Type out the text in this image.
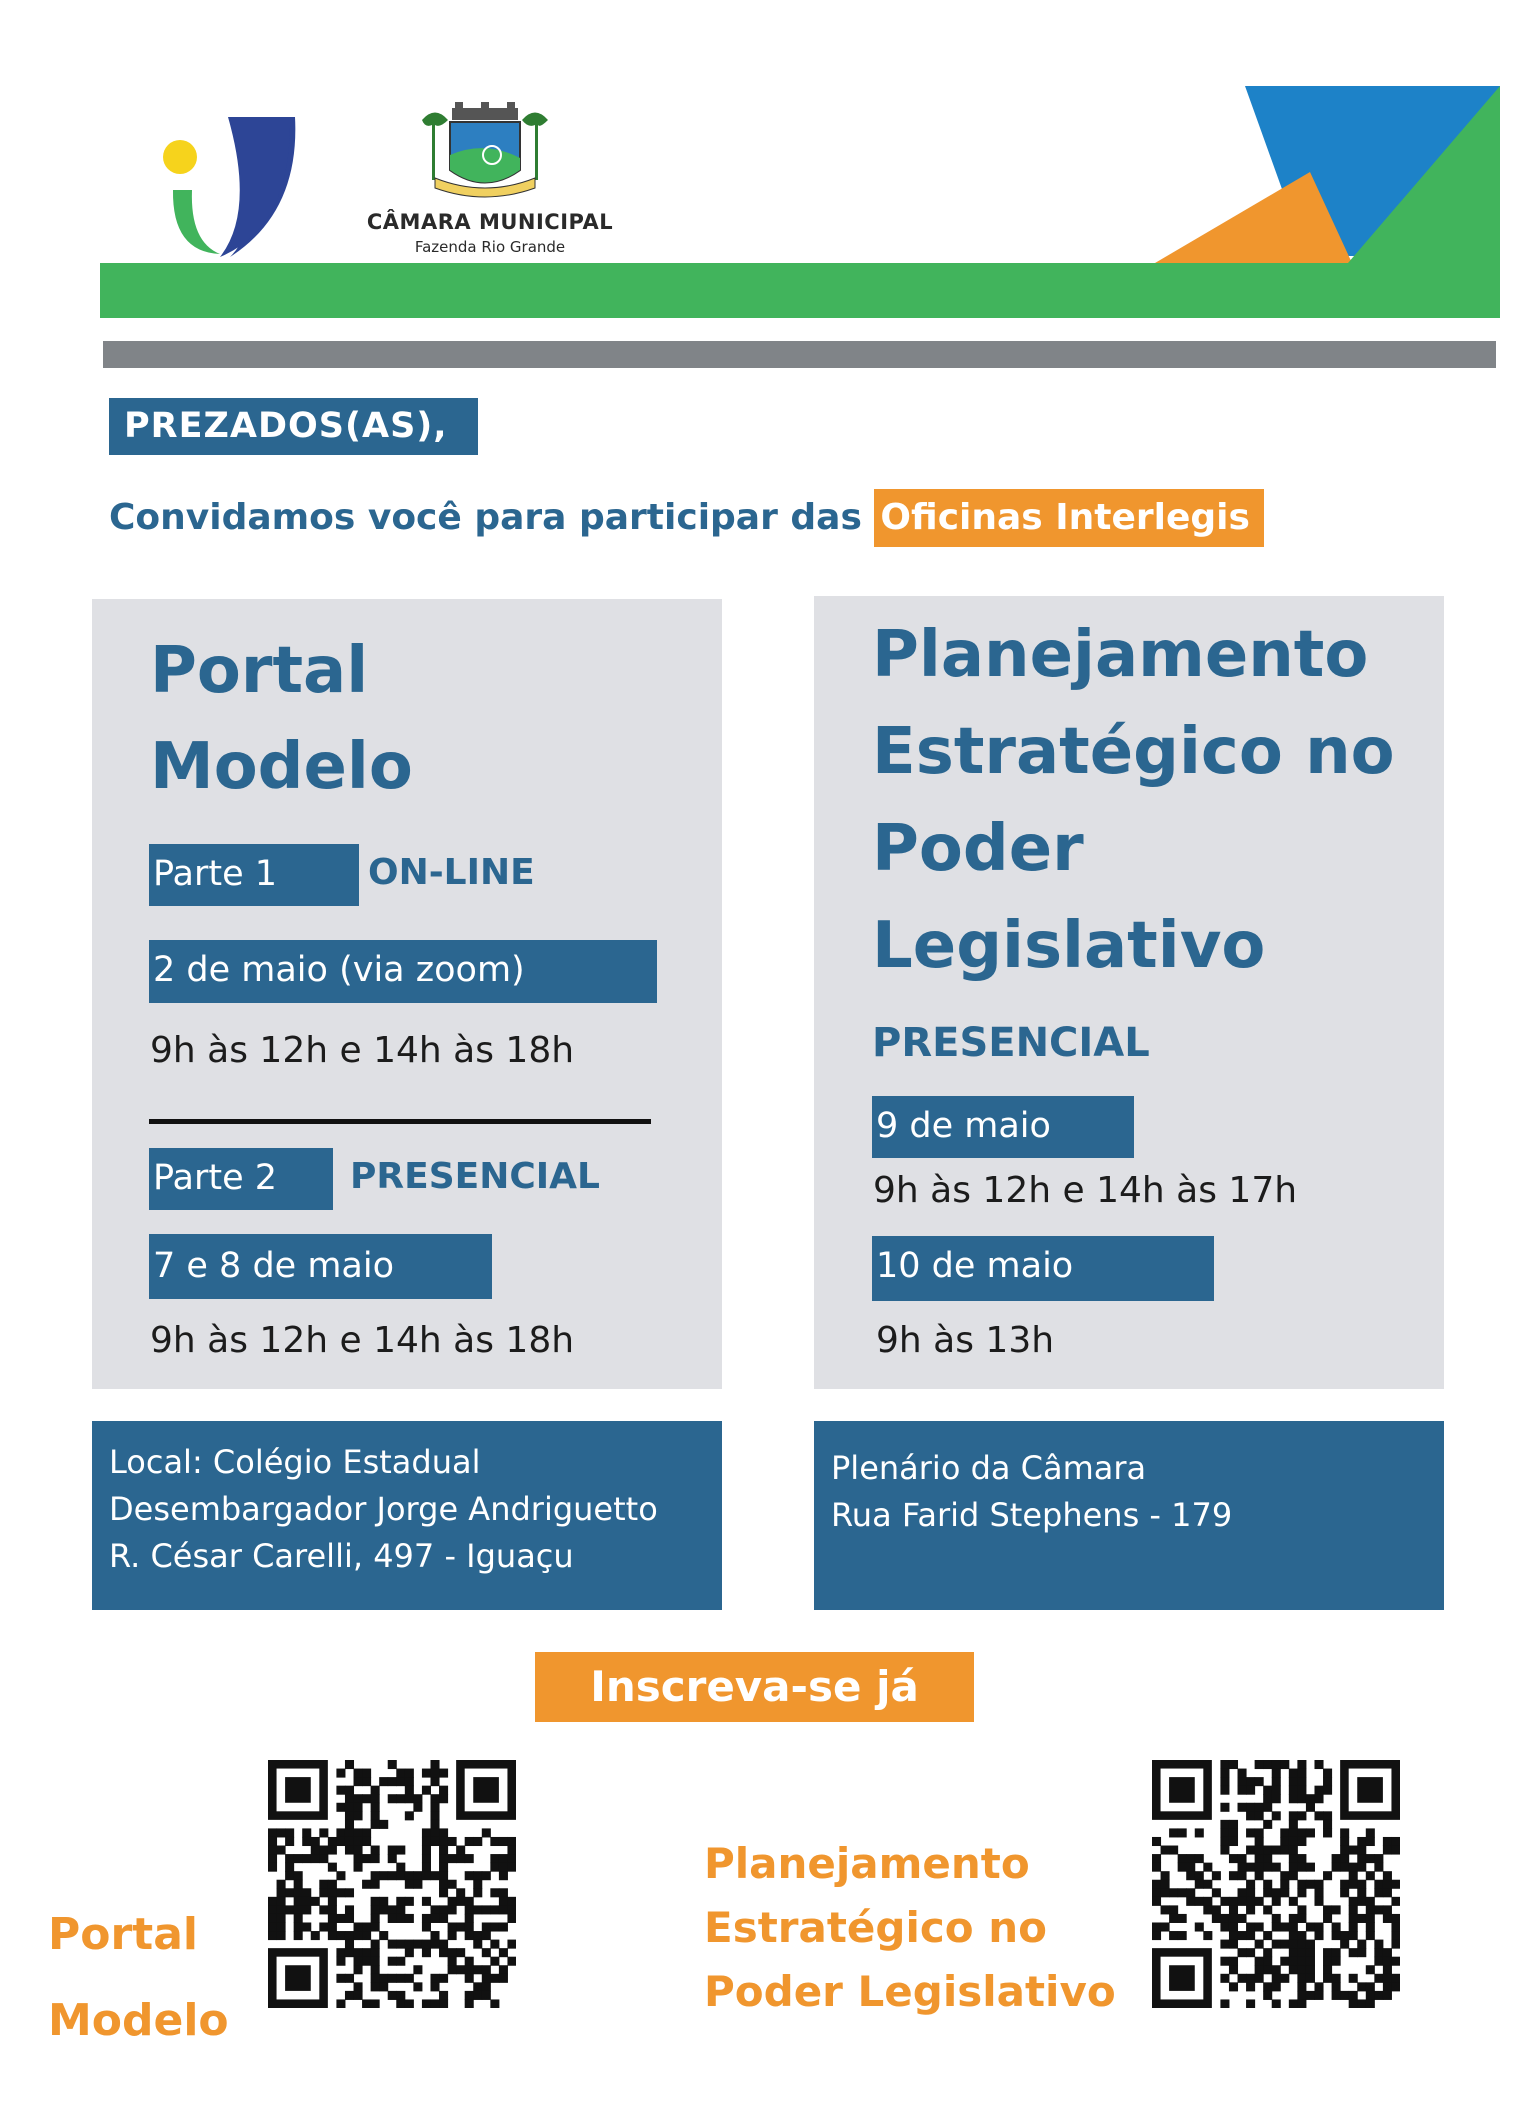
CÂMARA MUNICIPAL
Fazenda Rio Grande
PREZADOS(AS),
Convidamos você para participar das Oficinas Interlegis
Portal
Modelo
Parte 1	ON-LINE
2 de maio (via zoom)
9h às 12h e 14h às 18h
Parte 2	PRESENCIAL
7 e 8 de maio
9h às 12h e 14h às 18h
Planejamento
Estratégico no
Poder
Legislativo
PRESENCIAL
9 de maio
9h às 12h e 14h às 17h
10 de maio
9h às 13h
Local: Colégio Estadual
Desembargador Jorge Andriguetto
R. César Carelli, 497 - Iguaçu
Plenário da Câmara
Rua Farid Stephens - 179
Inscreva-se já
Portal
Modelo
Planejamento
Estratégico no
Poder Legislativo
